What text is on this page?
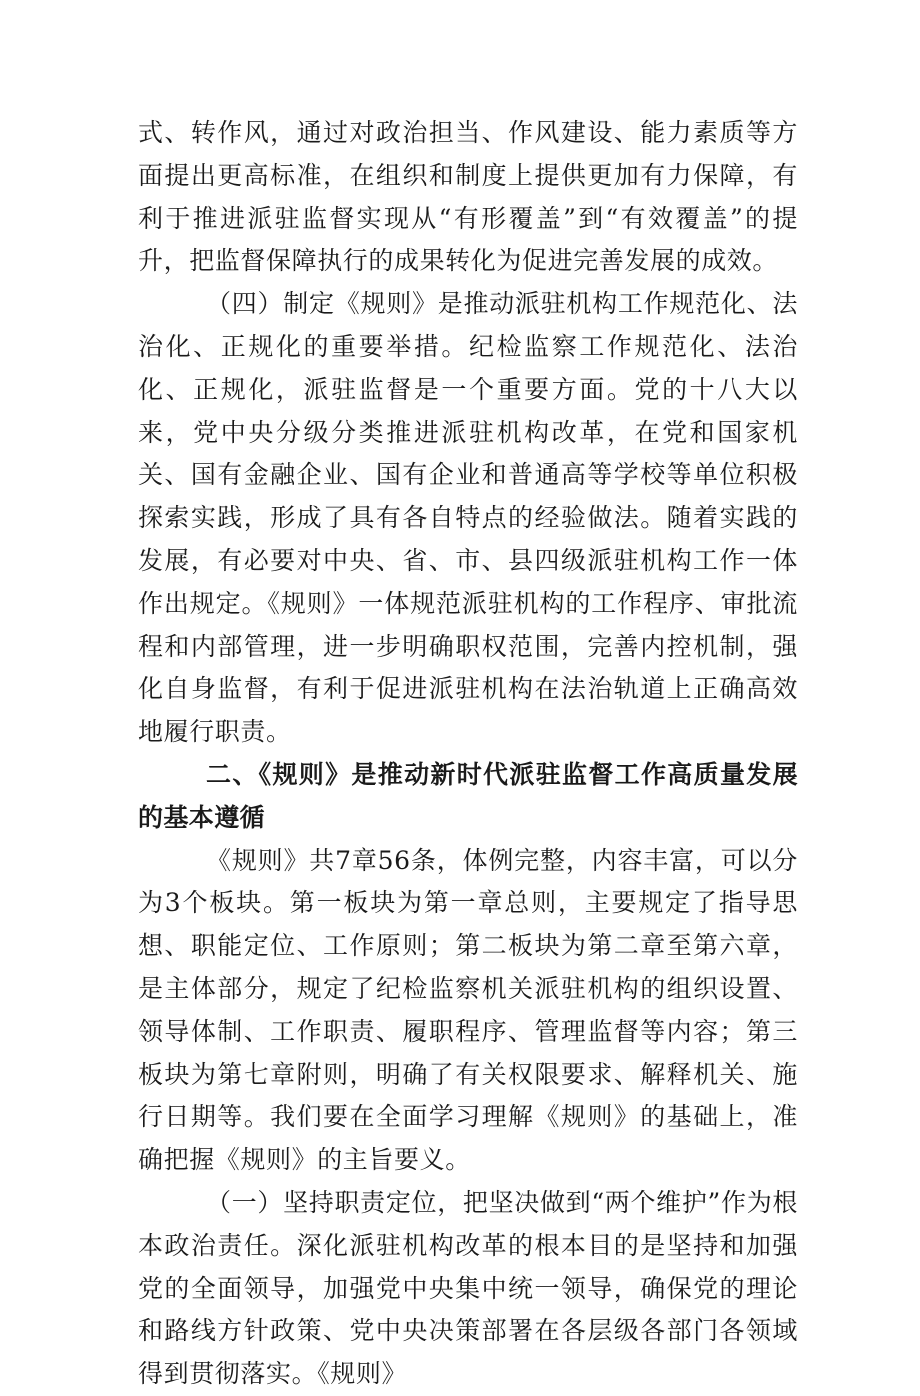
式、转作风，通过对政治担当、作风建设、能力素质等方面提出更高标准，在组织和制度上提供更加有力保障，有利于推进派驻监督实现从“有形覆盖”到“有效覆盖”的提升，把监督保障执行的成果转化为促进完善发展的成效。

（四）制定《规则》是推动派驻机构工作规范化、法治化、正规化的重要举措。纪检监察工作规范化、法治化、正规化，派驻监督是一个重要方面。党的十八大以来，党中央分级分类推进派驻机构改革，在党和国家机关、国有金融企业、国有企业和普通高等学校等单位积极探索实践，形成了具有各自特点的经验做法。随着实践的发展，有必要对中央、省、市、县四级派驻机构工作一体作出规定。《规则》一体规范派驻机构的工作程序、审批流程和内部管理，进一步明确职权范围，完善内控机制，强化自身监督，有利于促进派驻机构在法治轨道上正确高效地履行职责。

二、《规则》是推动新时代派驻监督工作高质量发展的基本遵循

《规则》共7章56条，体例完整，内容丰富，可以分为3个板块。第一板块为第一章总则，主要规定了指导思想、职能定位、工作原则；第二板块为第二章至第六章，是主体部分，规定了纪检监察机关派驻机构的组织设置、领导体制、工作职责、履职程序、管理监督等内容；第三板块为第七章附则，明确了有关权限要求、解释机关、施行日期等。我们要在全面学习理解《规则》的基础上，准确把握《规则》的主旨要义。

（一）坚持职责定位，把坚决做到“两个维护”作为根本政治责任。深化派驻机构改革的根本目的是坚持和加强党的全面领导，加强党中央集中统一领导，确保党的理论和路线方针政策、党中央决策部署在各层级各部门各领域得到贯彻落实。《规则》
